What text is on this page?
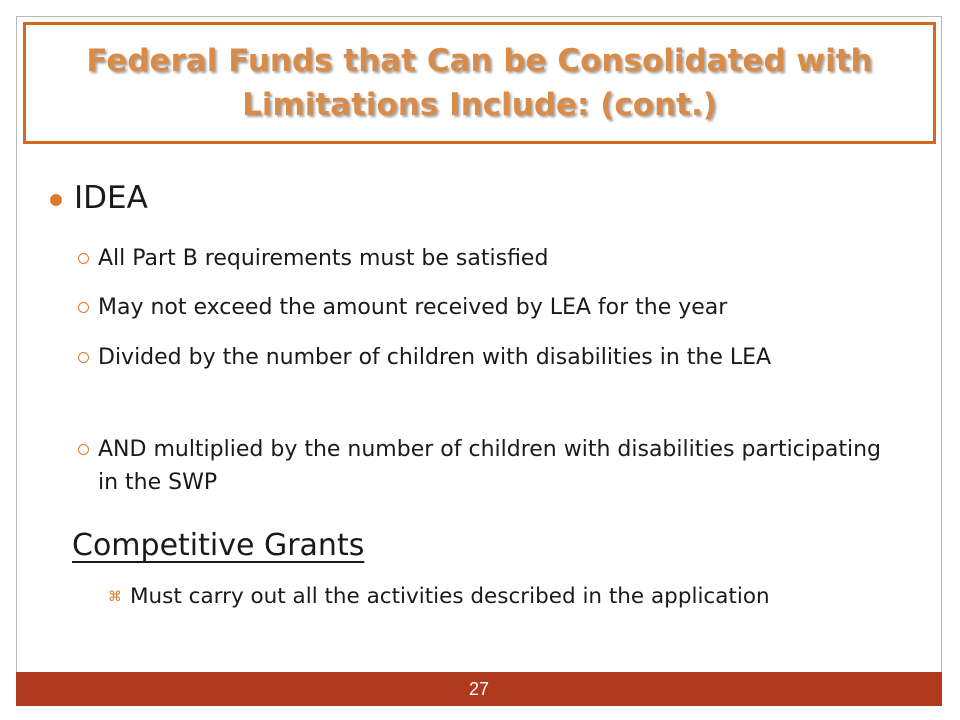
Federal Funds that Can be Consolidated with Limitations Include: (cont.)
IDEA
All Part B requirements must be satisfied
May not exceed the amount received by LEA for the year
Divided by the number of children with disabilities in the LEA
AND multiplied by the number of children with disabilities participating in the SWP
Competitive Grants
⌘ Must carry out all the activities described in the application
27
